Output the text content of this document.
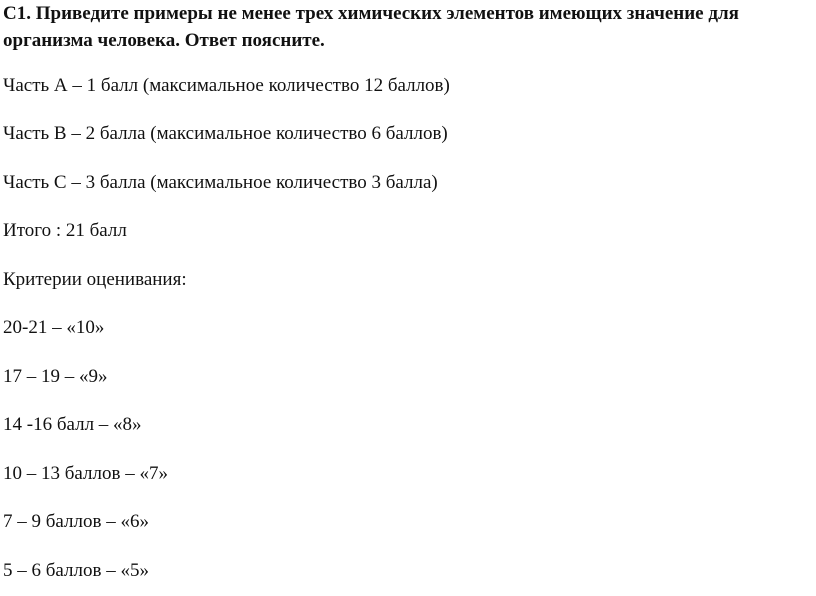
С1. Приведите примеры не менее трех химических элементов имеющих значение для
организма человека. Ответ поясните.

Часть А – 1 балл (максимальное количество 12 баллов)

Часть В – 2 балла (максимальное количество 6 баллов)

Часть С – 3 балла (максимальное количество 3 балла)

Итого : 21 балл

Критерии оценивания:

20-21 – «10»

17 – 19 – «9»

14 -16 балл – «8»

10 – 13 баллов – «7»

7 – 9 баллов – «6»

5 – 6 баллов – «5»
